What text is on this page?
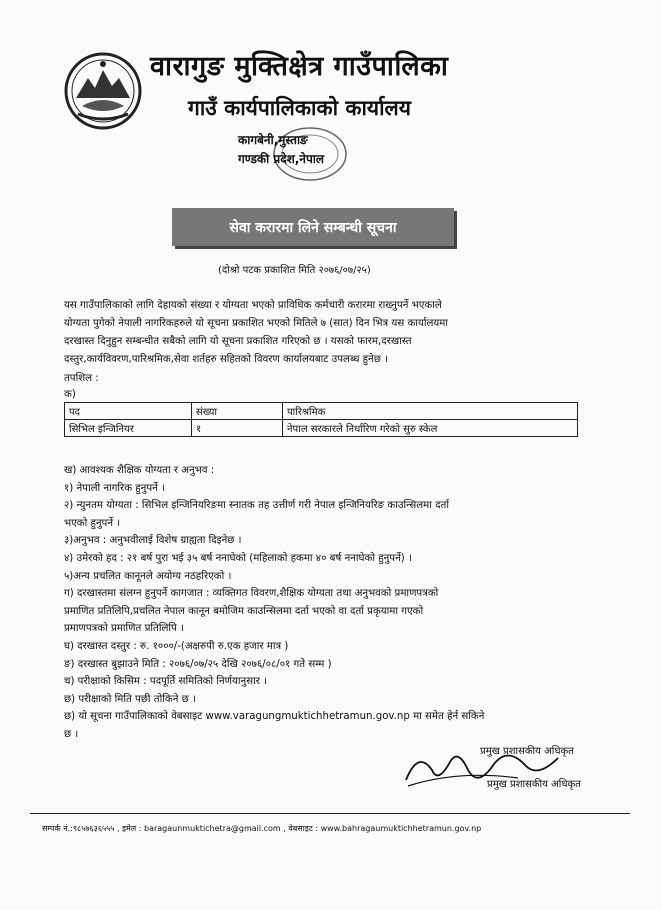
वारागुङ मुक्तिक्षेत्र गाउँपालिका
गाउँ कार्यपालिकाको कार्यालय
कागबेनी,मुस्ताङ
गण्डकी प्रदेश,नेपाल
सेवा करारमा लिने सम्बन्धी सूचना
(दोश्रो पटक प्रकाशित मिति २०७६/०७/२५)

यस गाउँपालिकाको लागि देहायको संख्या र योग्यता भएको प्राविधिक कर्मचारी करारमा राख्नुपर्ने भएकाले

योग्यता पुगेको नेपाली नागरिकहरुले यो सूचना प्रकाशित भएको मितिले ७ (सात) दिन भित्र यस कार्यालयमा

दरखास्त दिनुहुन सम्बन्धीत सबैको लागि यो सूचना प्रकाशित गरिएको छ । यसको फारम,दरखास्त

दस्तुर,कार्यविवरण,पारिश्रमिक,सेवा शर्तहरु सहितको विवरण कार्यालयबाट उपलब्ध हुनेछ ।

तपशिल :
क)
पद	संख्या	पारिश्रमिक
सिभिल इन्जिनियर	१	नेपाल सरकारले निर्धारिण गरेको सुरु स्केल

ख) आवश्यक शैक्षिक योग्यता र अनुभव :

१) नेपाली नागरिक हुनुपर्ने ।

२) न्युनतम योग्यता : सिभिल इन्जिनियरिङमा स्नातक तह उत्तीर्ण गरी नेपाल इन्जिनियरिङ काउन्सिलमा दर्ता

भएको हुनुपर्ने ।

३)अनुभव : अनुभवीलाई विशेष ग्राह्यता दिइनेछ ।

४) उमेरको हद : २१ बर्ष पुरा भई ३५ बर्ष ननाघेको (महिलाको हकमा ४० बर्ष ननाघेको हुनुपर्ने) ।

५)अन्य प्रचलित कानूनले अयोग्य नठहरिएको ।

ग) दरखास्तमा संलग्न हुनुपर्ने कागजात : व्यक्तिगत विवरण,शैक्षिक योग्यता तथा अनुभवको प्रमाणपत्रको

प्रमाणित प्रतिलिपि,प्रचलित नेपाल कानून बमोजिम काउन्सिलमा दर्ता भएको वा दर्ता प्रकृयामा गएको

प्रमाणपत्रको प्रमाणित प्रतिलिपि ।

घ) दरखास्त दस्तुर : रु. १०००/-(अक्षरुपी रु.एक हजार मात्र )

ङ) दरखास्त बुझाउने मिति : २०७६/०७/२५ देखि २०७६/०८/०१ गते सम्म )

च) परीक्षाको किसिम : पदपूर्ति समितिको निर्णयानुसार ।

छ) परीक्षाको मिति पछी तोकिने छ ।

छ) यो सूचना गाउँपालिकाको वेबसाइट www.varagungmuktichhetramun.gov.np मा समेत हेर्न सकिने

छ ।

प्रमुख प्रशासकीय अधिकृत
प्रमुख प्रशासकीय अधिकृत
सम्पर्क नं.:९८५७६३६५५५ , इमेल : baragaunmuktichetra@gmail.com , वेबसाइट : www.bahragaumuktichhetramun.gov.np
